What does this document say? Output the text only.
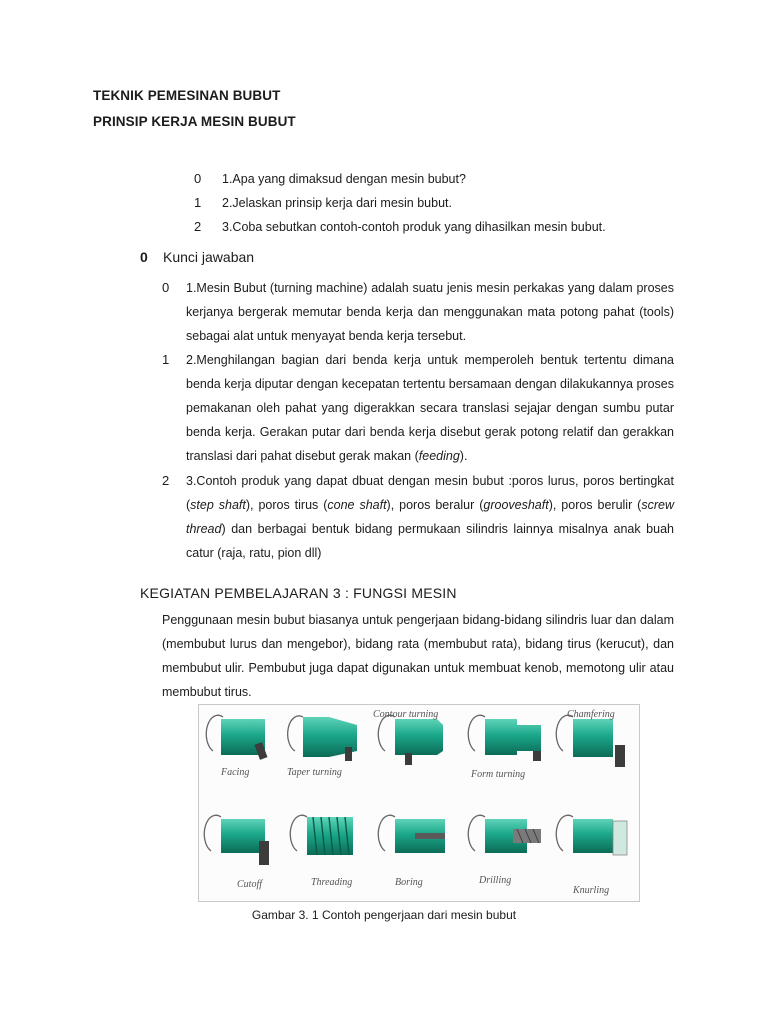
TEKNIK PEMESINAN BUBUT
PRINSIP KERJA MESIN BUBUT
0 1.Apa yang dimaksud dengan mesin bubut?
1 2.Jelaskan prinsip kerja dari mesin bubut.
2 3.Coba sebutkan contoh-contoh produk yang dihasilkan mesin bubut.
0 Kunci jawaban
0 1.Mesin Bubut (turning machine) adalah suatu jenis mesin perkakas yang dalam proses kerjanya bergerak memutar benda kerja dan menggunakan mata potong pahat (tools) sebagai alat untuk menyayat benda kerja tersebut.
1 2.Menghilangan bagian dari benda kerja untuk memperoleh bentuk tertentu dimana benda kerja diputar dengan kecepatan tertentu bersamaan dengan dilakukannya proses pemakanan oleh pahat yang digerakkan secara translasi sejajar dengan sumbu putar benda kerja. Gerakan putar dari benda kerja disebut gerak potong relatif dan gerakkan translasi dari pahat disebut gerak makan (feeding).
2 3.Contoh produk yang dapat dbuat dengan mesin bubut :poros lurus, poros bertingkat (step shaft), poros tirus (cone shaft), poros beralur (grooveshaft), poros berulir (screw thread) dan berbagai bentuk bidang permukaan silindris lainnya misalnya anak buah catur (raja, ratu, pion dll)
KEGIATAN PEMBELAJARAN 3 : FUNGSI MESIN
Penggunaan mesin bubut biasanya untuk pengerjaan bidang-bidang silindris luar dan dalam (membubut lurus dan mengebor), bidang rata (membubut rata), bidang tirus (kerucut), dan membubut ulir. Pembubut juga dapat digunakan untuk membuat kenob, memotong ulir atau membubut tirus.
Facing	Taper turning
Contour turning
Form turning
Chamfering
Cutoff	Threading	Boring	Drilling
Knurling
Gambar 3. 1 Contoh pengerjaan dari mesin bubut
